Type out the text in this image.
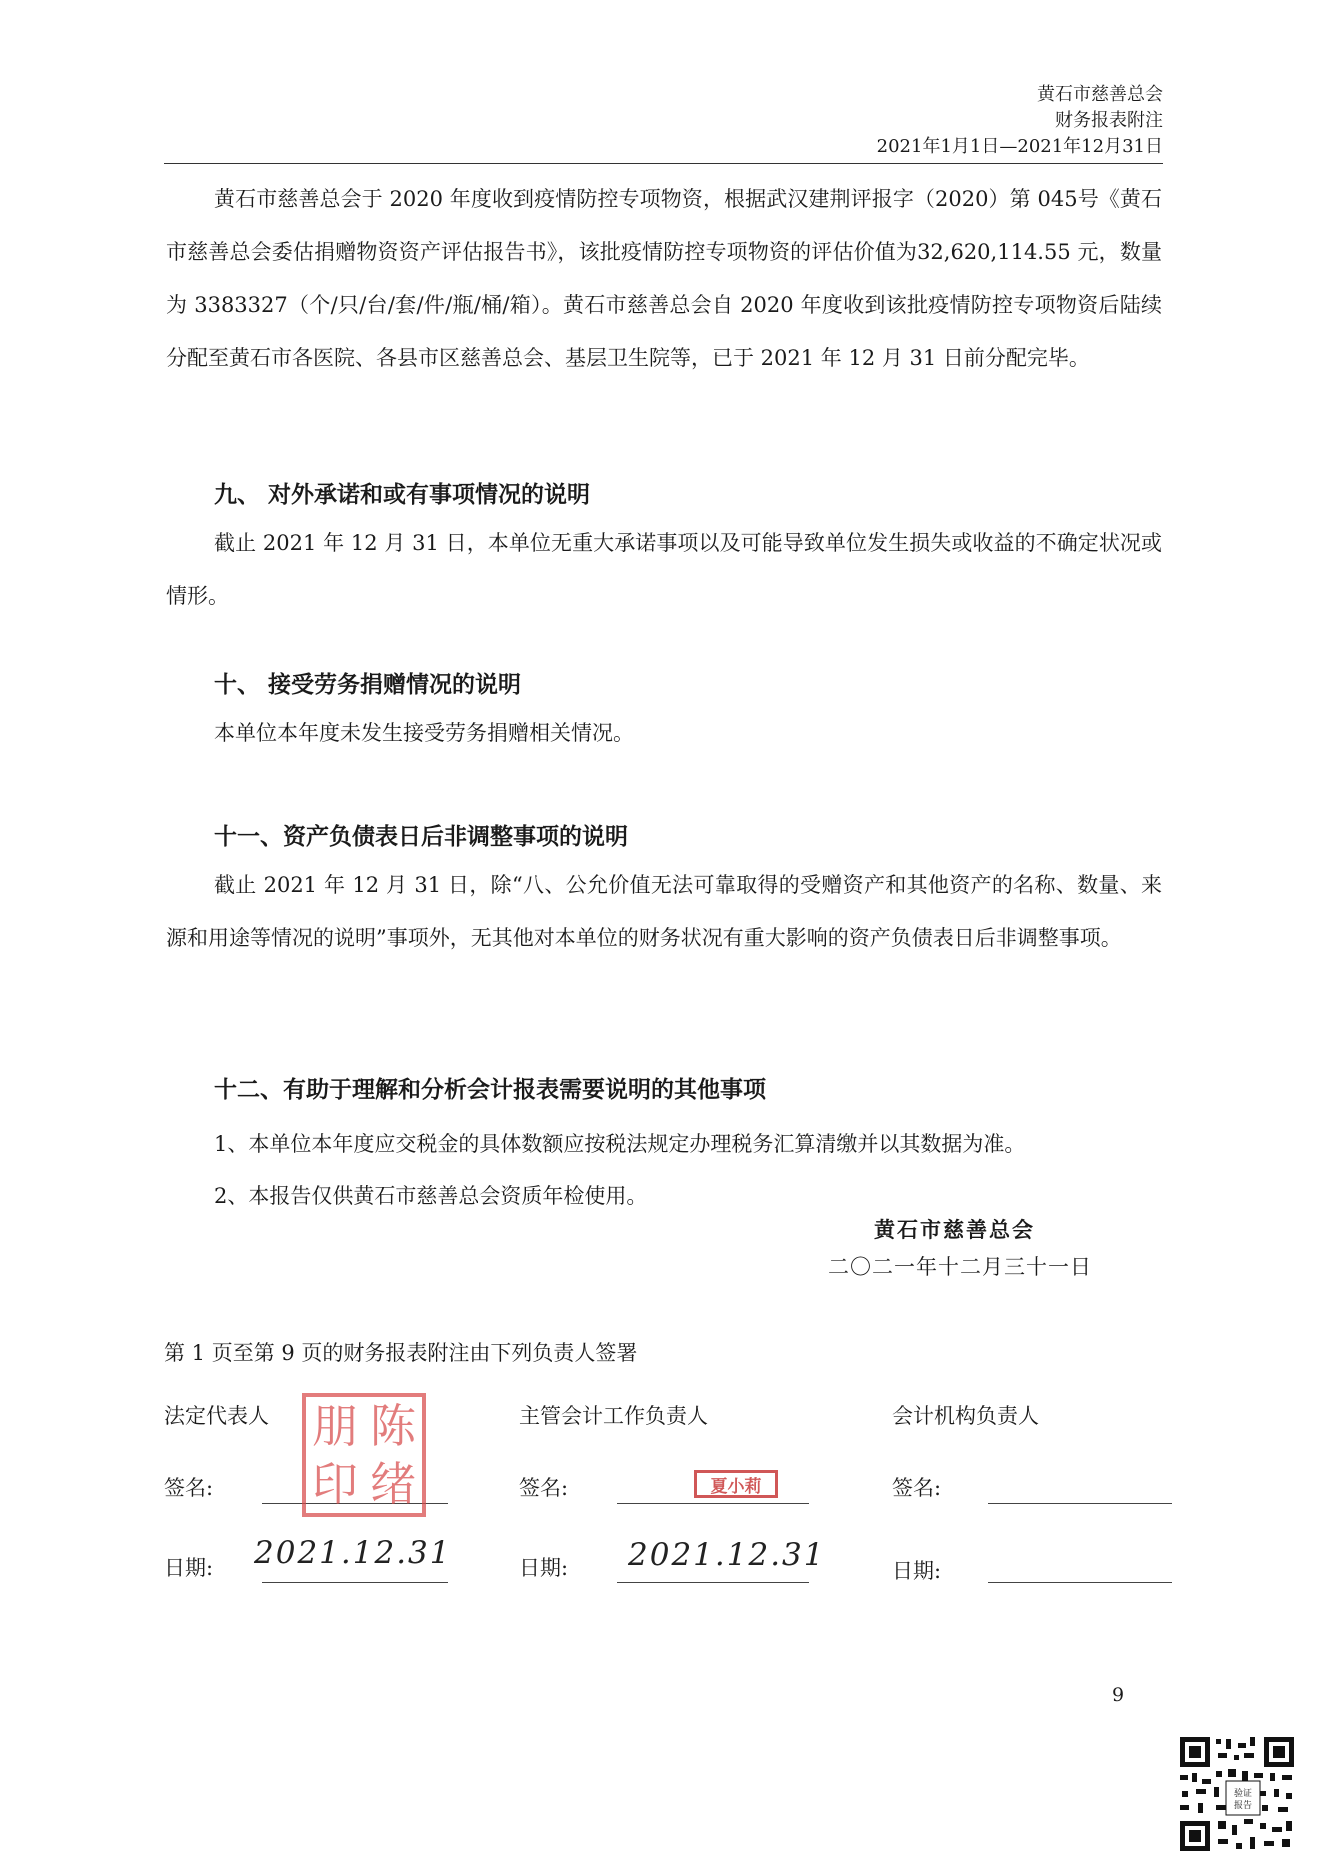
黄石市慈善总会
财务报表附注
2021年1月1日—2021年12月31日
黄石市慈善总会于 2020 年度收到疫情防控专项物资，根据武汉建荆评报字（2020）第 045号《黄石市慈善总会委估捐赠物资资产评估报告书》，该批疫情防控专项物资的评估价值为32,620,114.55 元，数量为 3383327（个/只/台/套/件/瓶/桶/箱）。黄石市慈善总会自 2020 年度收到该批疫情防控专项物资后陆续分配至黄石市各医院、各县市区慈善总会、基层卫生院等，已于 2021 年 12 月 31 日前分配完毕。
九、 对外承诺和或有事项情况的说明
截止 2021 年 12 月 31 日，本单位无重大承诺事项以及可能导致单位发生损失或收益的不确定状况或情形。
十、 接受劳务捐赠情况的说明
本单位本年度未发生接受劳务捐赠相关情况。
十一、资产负债表日后非调整事项的说明
截止 2021 年 12 月 31 日，除“八、公允价值无法可靠取得的受赠资产和其他资产的名称、数量、来源和用途等情况的说明”事项外，无其他对本单位的财务状况有重大影响的资产负债表日后非调整事项。
十二、有助于理解和分析会计报表需要说明的其他事项
1、本单位本年度应交税金的具体数额应按税法规定办理税务汇算清缴并以其数据为准。
2、本报告仅供黄石市慈善总会资质年检使用。
黄石市慈善总会
二〇二一年十二月三十一日
第 1 页至第 9 页的财务报表附注由下列负责人签署
法定代表人
签名:
朋 陈
印 绪
日期: 2021.12.31
主管会计工作负责人
签名:	夏小莉
日期: 2021.12.31
会计机构负责人
签名:
日期:
9
验证
报告
